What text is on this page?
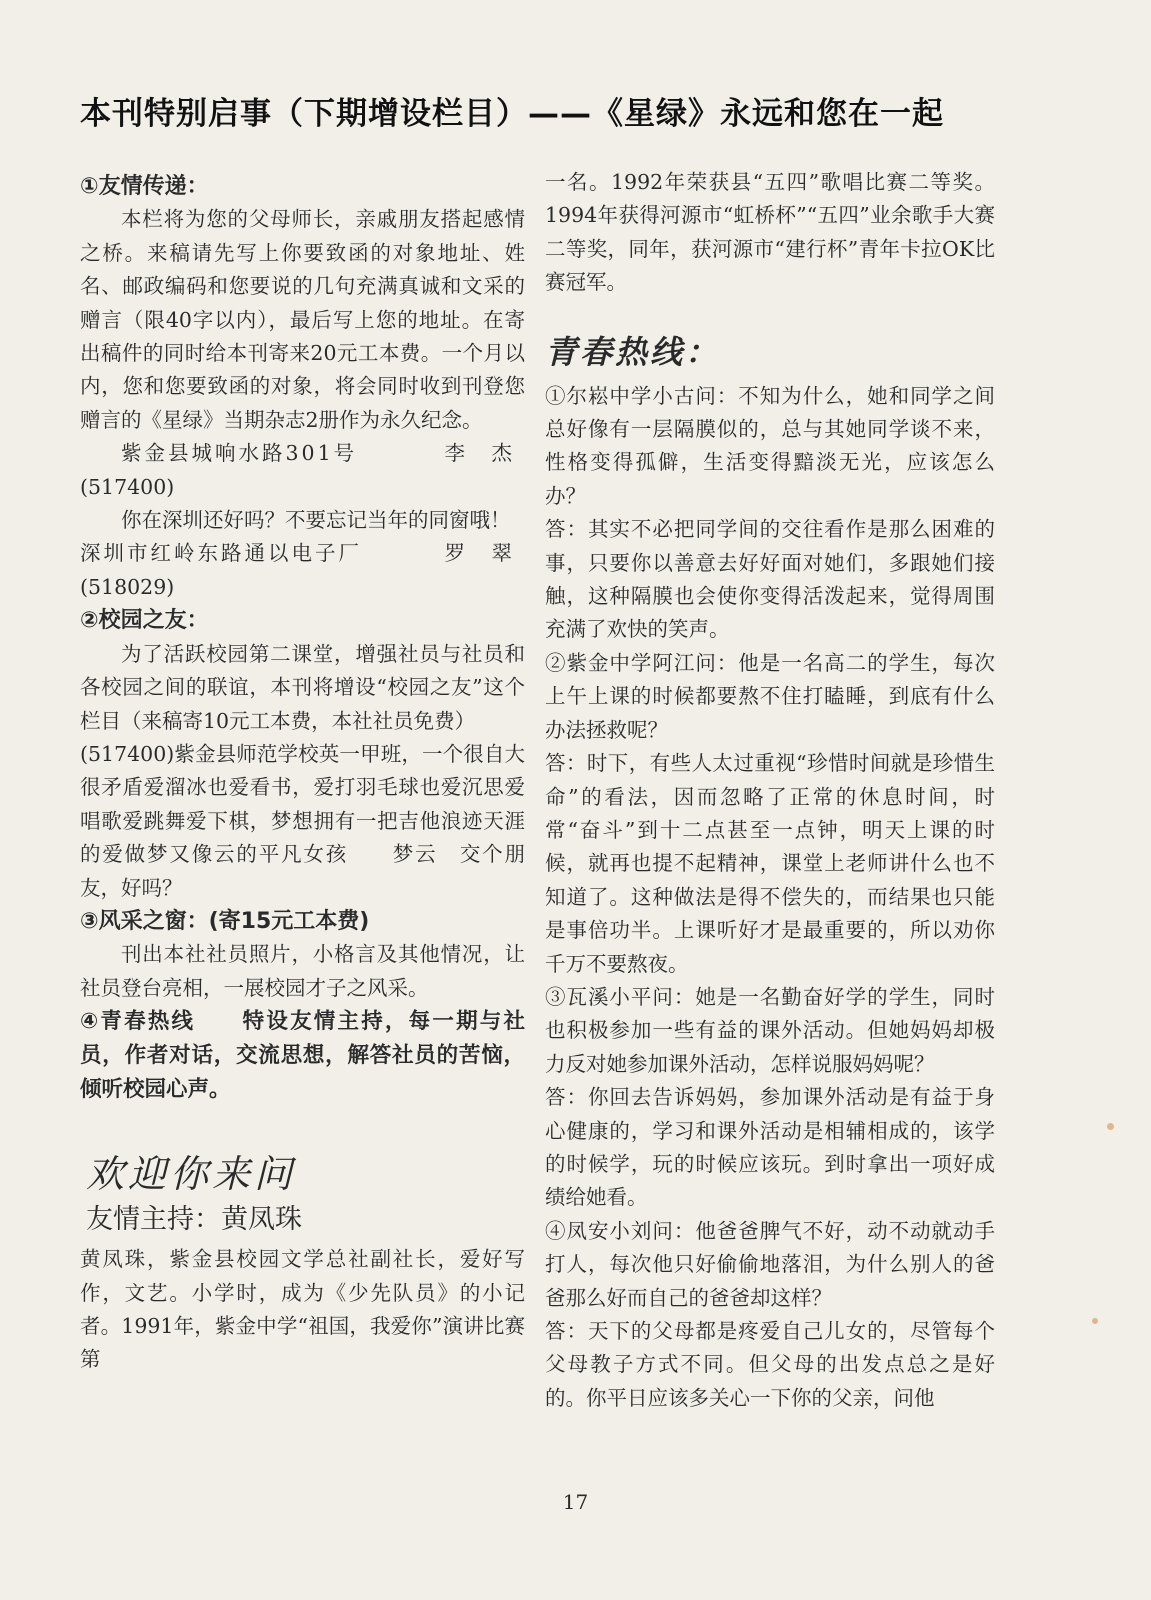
本刊特别启事（下期增设栏目）——《星绿》永远和您在一起

①友情传递：

本栏将为您的父母师长，亲戚朋友搭起感情之桥。来稿请先写上你要致函的对象地址、姓名、邮政编码和您要说的几句充满真诚和文采的赠言（限40字以内），最后写上您的地址。在寄出稿件的同时给本刊寄来20元工本费。一个月以内，您和您要致函的对象，将会同时收到刊登您赠言的《星绿》当期杂志2册作为永久纪念。

紫金县城响水路301号	李　杰

(517400)

你在深圳还好吗？不要忘记当年的同窗哦！

深圳市红岭东路通以电子厂	罗　翠

(518029)

②校园之友：

为了活跃校园第二课堂，增强社员与社员和各校园之间的联谊，本刊将增设“校园之友”这个栏目（来稿寄10元工本费，本社社员免费）

(517400)紫金县师范学校英一甲班，一个很自大很矛盾爱溜冰也爱看书，爱打羽毛球也爱沉思爱唱歌爱跳舞爱下棋，梦想拥有一把吉他浪迹天涯的爱做梦又像云的平凡女孩　　梦云　交个朋友，好吗？

③风采之窗：(寄15元工本费)

刊出本社社员照片，小格言及其他情况，让社员登台亮相，一展校园才子之风采。

④青春热线　　特设友情主持，每一期与社员，作者对话，交流思想，解答社员的苦恼，倾听校园心声。

欢迎你来问
友情主持：黄凤珠

黄凤珠，紫金县校园文学总社副社长，爱好写作，文艺。小学时，成为《少先队员》的小记者。1991年，紫金中学“祖国，我爱你”演讲比赛第

一名。1992年荣获县“五四”歌唱比赛二等奖。1994年获得河源市“虹桥杯”“五四”业余歌手大赛二等奖，同年，获河源市“建行杯”青年卡拉OK比赛冠军。

青春热线：

①尔崧中学小古问：不知为什么，她和同学之间总好像有一层隔膜似的，总与其她同学谈不来，性格变得孤僻，生活变得黯淡无光，应该怎么办？

答：其实不必把同学间的交往看作是那么困难的事，只要你以善意去好好面对她们，多跟她们接触，这种隔膜也会使你变得活泼起来，觉得周围充满了欢快的笑声。

②紫金中学阿江问：他是一名高二的学生，每次上午上课的时候都要熬不住打瞌睡，到底有什么办法拯救呢？

答：时下，有些人太过重视“珍惜时间就是珍惜生命”的看法，因而忽略了正常的休息时间，时常“奋斗”到十二点甚至一点钟，明天上课的时候，就再也提不起精神，课堂上老师讲什么也不知道了。这种做法是得不偿失的，而结果也只能是事倍功半。上课听好才是最重要的，所以劝你千万不要熬夜。

③瓦溪小平问：她是一名勤奋好学的学生，同时也积极参加一些有益的课外活动。但她妈妈却极力反对她参加课外活动，怎样说服妈妈呢？

答：你回去告诉妈妈，参加课外活动是有益于身心健康的，学习和课外活动是相辅相成的，该学的时候学，玩的时候应该玩。到时拿出一项好成绩给她看。

④凤安小刘问：他爸爸脾气不好，动不动就动手打人，每次他只好偷偷地落泪，为什么别人的爸爸那么好而自己的爸爸却这样？

答：天下的父母都是疼爱自己儿女的，尽管每个父母教子方式不同。但父母的出发点总之是好的。你平日应该多关心一下你的父亲，问他

17
